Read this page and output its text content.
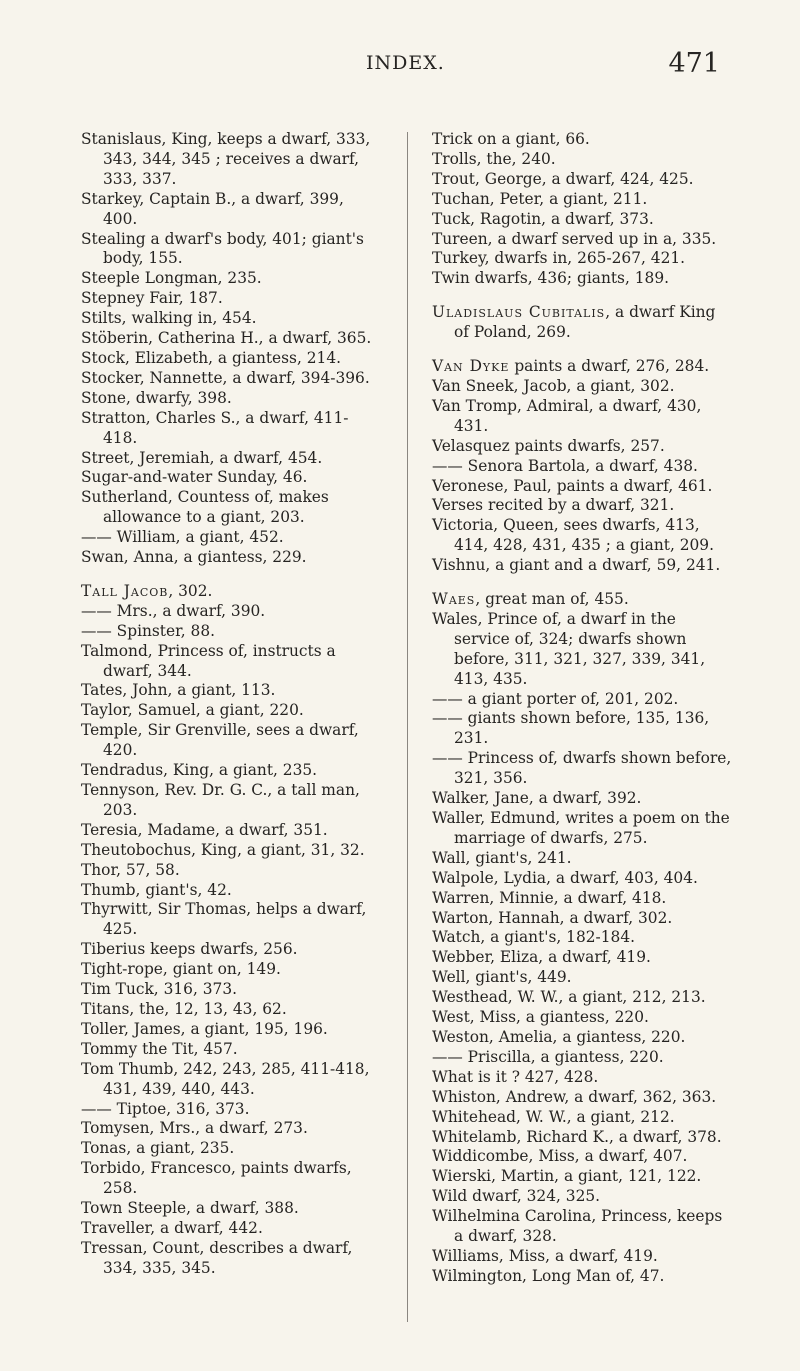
INDEX.	471

Stanislaus, King, keeps a dwarf, 333, 343, 344, 345 ; receives a dwarf, 333, 337.

Starkey, Captain B., a dwarf, 399, 400.

Stealing a dwarf's body, 401; giant's body, 155.

Steeple Longman, 235.

Stepney Fair, 187.

Stilts, walking in, 454.

Stöberin, Catherina H., a dwarf, 365.

Stock, Elizabeth, a giantess, 214.

Stocker, Nannette, a dwarf, 394-396.

Stone, dwarfy, 398.

Stratton, Charles S., a dwarf, 411-418.

Street, Jeremiah, a dwarf, 454.

Sugar-and-water Sunday, 46.

Sutherland, Countess of, makes allowance to a giant, 203.

—— William, a giant, 452.

Swan, Anna, a giantess, 229.

Tall Jacob, 302.

—— Mrs., a dwarf, 390.

—— Spinster, 88.

Talmond, Princess of, instructs a dwarf, 344.

Tates, John, a giant, 113.

Taylor, Samuel, a giant, 220.

Temple, Sir Grenville, sees a dwarf, 420.

Tendradus, King, a giant, 235.

Tennyson, Rev. Dr. G. C., a tall man, 203.

Teresia, Madame, a dwarf, 351.

Theutobochus, King, a giant, 31, 32.

Thor, 57, 58.

Thumb, giant's, 42.

Thyrwitt, Sir Thomas, helps a dwarf, 425.

Tiberius keeps dwarfs, 256.

Tight-rope, giant on, 149.

Tim Tuck, 316, 373.

Titans, the, 12, 13, 43, 62.

Toller, James, a giant, 195, 196.

Tommy the Tit, 457.

Tom Thumb, 242, 243, 285, 411-418, 431, 439, 440, 443.

—— Tiptoe, 316, 373.

Tomysen, Mrs., a dwarf, 273.

Tonas, a giant, 235.

Torbido, Francesco, paints dwarfs, 258.

Town Steeple, a dwarf, 388.

Traveller, a dwarf, 442.

Tressan, Count, describes a dwarf, 334, 335, 345.

Trick on a giant, 66.

Trolls, the, 240.

Trout, George, a dwarf, 424, 425.

Tuchan, Peter, a giant, 211.

Tuck, Ragotin, a dwarf, 373.

Tureen, a dwarf served up in a, 335.

Turkey, dwarfs in, 265-267, 421.

Twin dwarfs, 436; giants, 189.

Uladislaus Cubitalis, a dwarf King of Poland, 269.

Van Dyke paints a dwarf, 276, 284.

Van Sneek, Jacob, a giant, 302.

Van Tromp, Admiral, a dwarf, 430, 431.

Velasquez paints dwarfs, 257.

—— Senora Bartola, a dwarf, 438.

Veronese, Paul, paints a dwarf, 461.

Verses recited by a dwarf, 321.

Victoria, Queen, sees dwarfs, 413, 414, 428, 431, 435 ; a giant, 209.

Vishnu, a giant and a dwarf, 59, 241.

Waes, great man of, 455.

Wales, Prince of, a dwarf in the service of, 324; dwarfs shown before, 311, 321, 327, 339, 341, 413, 435.

—— a giant porter of, 201, 202.

—— giants shown before, 135, 136, 231.

—— Princess of, dwarfs shown before, 321, 356.

Walker, Jane, a dwarf, 392.

Waller, Edmund, writes a poem on the marriage of dwarfs, 275.

Wall, giant's, 241.

Walpole, Lydia, a dwarf, 403, 404.

Warren, Minnie, a dwarf, 418.

Warton, Hannah, a dwarf, 302.

Watch, a giant's, 182-184.

Webber, Eliza, a dwarf, 419.

Well, giant's, 449.

Westhead, W. W., a giant, 212, 213.

West, Miss, a giantess, 220.

Weston, Amelia, a giantess, 220.

—— Priscilla, a giantess, 220.

What is it ? 427, 428.

Whiston, Andrew, a dwarf, 362, 363.

Whitehead, W. W., a giant, 212.

Whitelamb, Richard K., a dwarf, 378.

Widdicombe, Miss, a dwarf, 407.

Wierski, Martin, a giant, 121, 122.

Wild dwarf, 324, 325.

Wilhelmina Carolina, Princess, keeps a dwarf, 328.

Williams, Miss, a dwarf, 419.

Wilmington, Long Man of, 47.
